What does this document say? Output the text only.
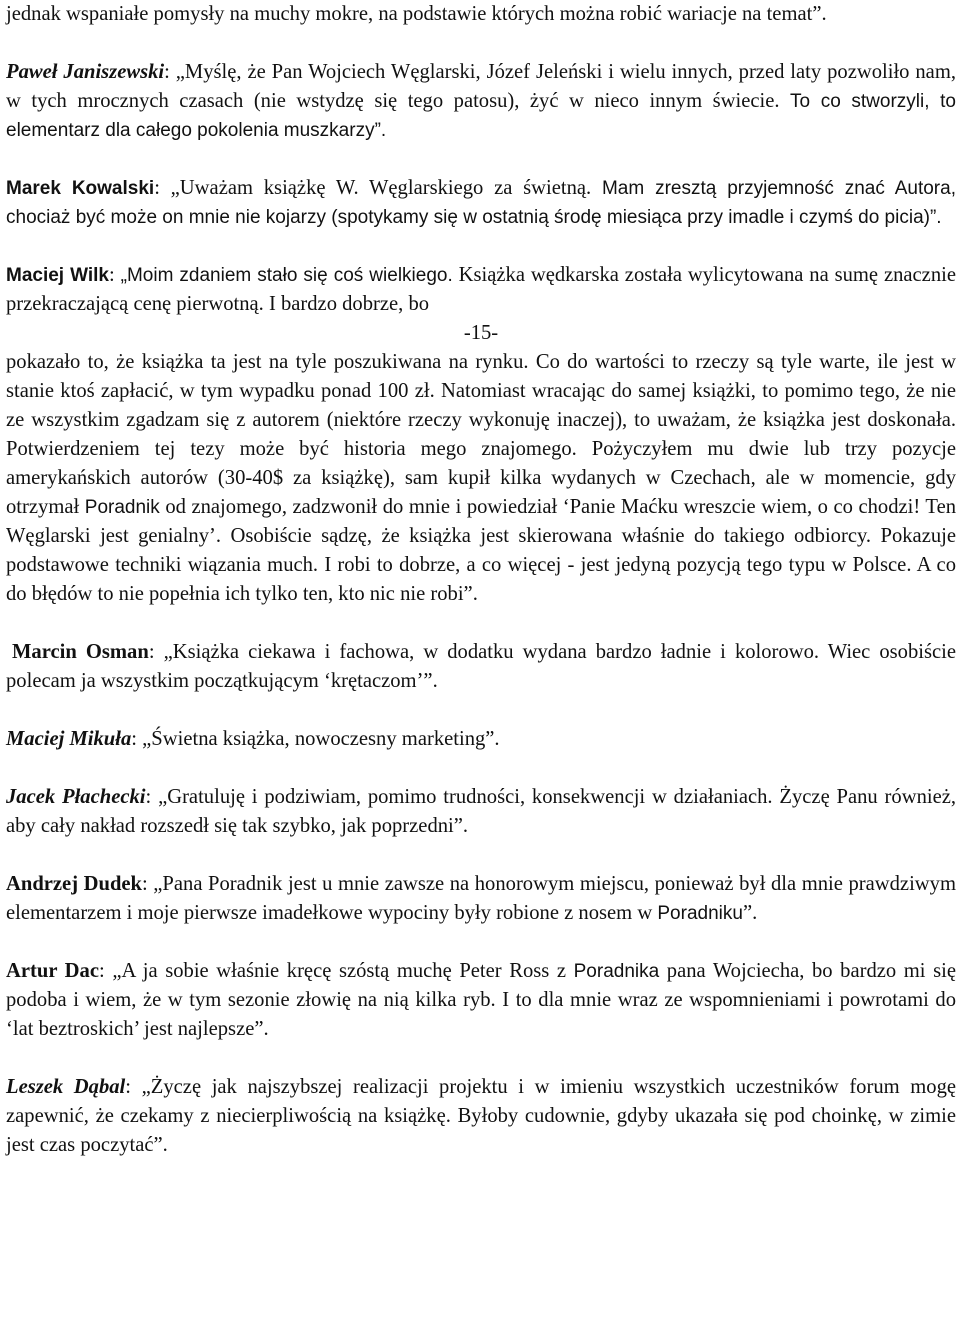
jednak wspaniałe pomysły na muchy mokre, na podstawie których można robić wariacje na temat”.

Paweł Janiszewski: „Myślę, że Pan Wojciech Węglarski, Józef Jeleński i wielu innych, przed laty pozwoliło nam, w tych mrocznych czasach (nie wstydzę się tego patosu), żyć w nieco innym świecie. To co stworzyli, to elementarz dla całego pokolenia muszkarzy”.

Marek Kowalski: „Uważam książkę W. Węglarskiego za świetną. Mam zresztą przyjemność znać Autora, chociaż być może on mnie nie kojarzy (spotykamy się w ostatnią środę miesiąca przy imadle i czymś do picia)”.

Maciej Wilk: „Moim zdaniem stało się coś wielkiego. Książka wędkarska została wylicytowana na sumę znacznie przekraczającą cenę pierwotną. I bardzo dobrze, bo

-15-

pokazało to, że książka ta jest na tyle poszukiwana na rynku. Co do wartości to rzeczy są tyle warte, ile jest w stanie ktoś zapłacić, w tym wypadku ponad 100 zł. Natomiast wracając do samej książki, to pomimo tego, że nie ze wszystkim zgadzam się z autorem (niektóre rzeczy wykonuję inaczej), to uważam, że książka jest doskonała. Potwierdzeniem tej tezy może być historia mego znajomego. Pożyczyłem mu dwie lub trzy pozycje amerykańskich autorów (30-40$ za książkę), sam kupił kilka wydanych w Czechach, ale w momencie, gdy otrzymał Poradnik od znajomego, zadzwonił do mnie i powiedział ‘Panie Maćku wreszcie wiem, o co chodzi! Ten Węglarski jest genialny’. Osobiście sądzę, że książka jest skierowana właśnie do takiego odbiorcy. Pokazuje podstawowe techniki wiązania much. I robi to dobrze, a co więcej - jest jedyną pozycją tego typu w Polsce. A co do błędów to nie popełnia ich tylko ten, kto nic nie robi”.

Marcin Osman: „Książka ciekawa i fachowa, w dodatku wydana bardzo ładnie i kolorowo. Wiec osobiście polecam ja wszystkim początkującym ‘krętaczom’”.

Maciej Mikuła: „Świetna książka, nowoczesny marketing”.

Jacek Płachecki: „Gratuluję i podziwiam, pomimo trudności, konsekwencji w działaniach. Życzę Panu również, aby cały nakład rozszedł się tak szybko, jak poprzedni”.

Andrzej Dudek: „Pana Poradnik jest u mnie zawsze na honorowym miejscu, ponieważ był dla mnie prawdziwym elementarzem i moje pierwsze imadełkowe wypociny były robione z nosem w Poradniku”.

Artur Dac: „A ja sobie właśnie kręcę szóstą muchę Peter Ross z Poradnika pana Wojciecha, bo bardzo mi się podoba i wiem, że w tym sezonie złowię na nią kilka ryb. I to dla mnie wraz ze wspomnieniami i powrotami do ‘lat beztroskich’ jest najlepsze”.

Leszek Dąbal: „Życzę jak najszybszej realizacji projektu i w imieniu wszystkich uczestników forum mogę zapewnić, że czekamy z niecierpliwością na książkę. Byłoby cudownie, gdyby ukazała się pod choinkę, w zimie jest czas poczytać”.
